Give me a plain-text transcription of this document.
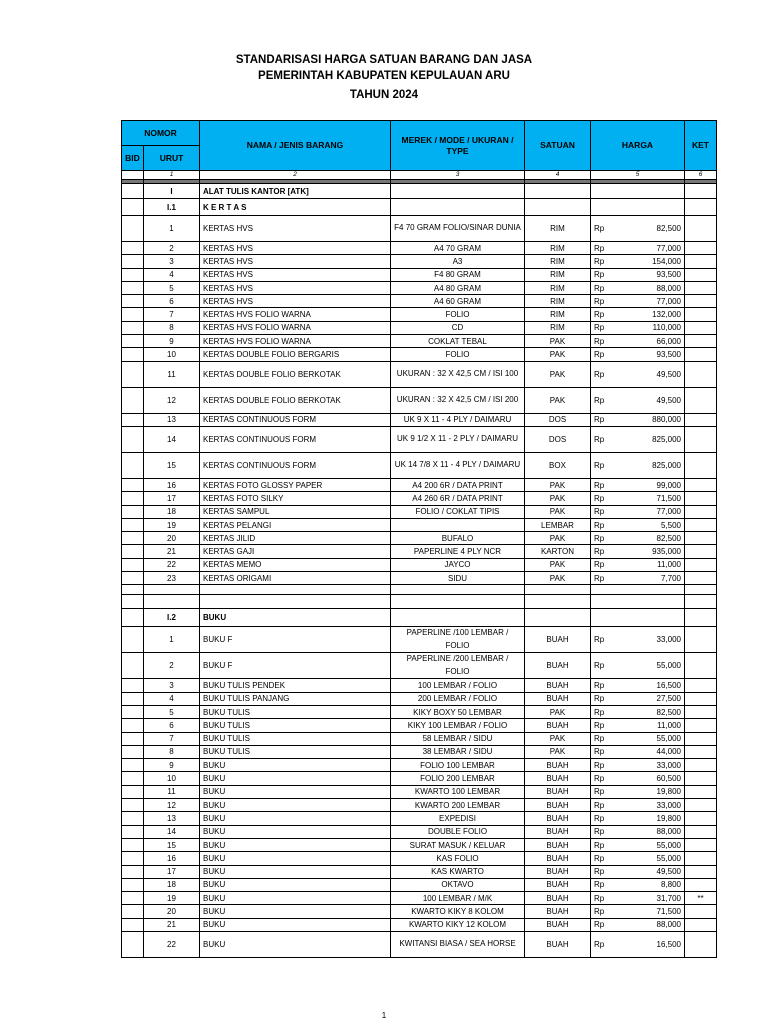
STANDARISASI HARGA SATUAN BARANG DAN JASA
PEMERINTAH KABUPATEN KEPULAUAN ARU
TAHUN 2024
NOMOR		NAMA / JENIS BARANG	MEREK / MODE / UKURAN / TYPE	SATUAN	HARGA	KET
BID	URUT					
	1	2	3	4	5	6

	I	ALAT TULIS KANTOR [ATK]				
	I.1	K E R T A S				
	1	KERTAS HVS	F4 70 GRAM FOLIO/SINAR DUNIA	RIM	Rp 82,500	

	2	KERTAS HVS	A4 70 GRAM	RIM	Rp 77,000	

	3	KERTAS HVS	A3	RIM	Rp 154,000	

	4	KERTAS HVS	F4 80 GRAM	RIM	Rp 93,500	

	5	KERTAS HVS	A4 80 GRAM	RIM	Rp 88,000	

	6	KERTAS HVS	A4 60 GRAM	RIM	Rp 77,000	

	7	KERTAS HVS FOLIO WARNA	FOLIO	RIM	Rp 132,000	

	8	KERTAS HVS FOLIO WARNA	CD	RIM	Rp 110,000	

	9	KERTAS HVS FOLIO WARNA	COKLAT TEBAL	PAK	Rp 66,000	

	10	KERTAS DOUBLE FOLIO BERGARIS	FOLIO	PAK	Rp 93,500	

	11	KERTAS DOUBLE FOLIO BERKOTAK	UKURAN : 32 X 42,5 CM / ISI 100	PAK	Rp 49,500	

	12	KERTAS DOUBLE FOLIO BERKOTAK	UKURAN : 32 X 42,5 CM / ISI 200	PAK	Rp 49,500	

	13	KERTAS CONTINUOUS FORM	UK 9 X 11 - 4 PLY / DAIMARU	DOS	Rp 880,000	

	14	KERTAS CONTINUOUS FORM	UK 9 1/2 X 11 - 2 PLY / DAIMARU	DOS	Rp 825,000	

	15	KERTAS CONTINUOUS FORM	UK 14 7/8 X 11 - 4 PLY / DAIMARU	BOX	Rp 825,000	

	16	KERTAS FOTO GLOSSY PAPER	A4 200 6R / DATA PRINT	PAK	Rp 99,000	

	17	KERTAS FOTO SILKY	A4 260 6R / DATA PRINT	PAK	Rp 71,500	

	18	KERTAS SAMPUL	FOLIO / COKLAT TIPIS	PAK	Rp 77,000	

	19	KERTAS PELANGI		LEMBAR	Rp 5,500	

	20	KERTAS JILID	BUFALO	PAK	Rp 82,500	

	21	KERTAS GAJI	PAPERLINE 4 PLY NCR	KARTON	Rp 935,000	

	22	KERTAS MEMO	JAYCO	PAK	Rp 11,000	

	23	KERTAS ORIGAMI	SIDU	PAK	Rp 7,700	

	I.2	BUKU				
	1	BUKU F	PAPERLINE /100 LEMBAR / FOLIO	BUAH	Rp 33,000	

	2	BUKU F	PAPERLINE /200 LEMBAR / FOLIO	BUAH	Rp 55,000	

	3	BUKU TULIS PENDEK	100 LEMBAR / FOLIO	BUAH	Rp 16,500	

	4	BUKU TULIS PANJANG	200 LEMBAR / FOLIO	BUAH	Rp 27,500	

	5	BUKU TULIS	KIKY BOXY 50 LEMBAR	PAK	Rp 82,500	

	6	BUKU TULIS	KIKY 100 LEMBAR / FOLIO	BUAH	Rp 11,000	

	7	BUKU TULIS	58 LEMBAR / SIDU	PAK	Rp 55,000	

	8	BUKU TULIS	38 LEMBAR / SIDU	PAK	Rp 44,000	

	9	BUKU	FOLIO 100 LEMBAR	BUAH	Rp 33,000	

	10	BUKU	FOLIO 200 LEMBAR	BUAH	Rp 60,500	

	11	BUKU	KWARTO 100 LEMBAR	BUAH	Rp 19,800	

	12	BUKU	KWARTO 200 LEMBAR	BUAH	Rp 33,000	

	13	BUKU	EXPEDISI	BUAH	Rp 19,800	

	14	BUKU	DOUBLE FOLIO	BUAH	Rp 88,000	

	15	BUKU	SURAT MASUK / KELUAR	BUAH	Rp 55,000	

	16	BUKU	KAS FOLIO	BUAH	Rp 55,000	

	17	BUKU	KAS KWARTO	BUAH	Rp 49,500	

	18	BUKU	OKTAVO	BUAH	Rp 8,800	

	19	BUKU	100 LEMBAR / M/K	BUAH	Rp 31,700	**
	20	BUKU	KWARTO KIKY 8 KOLOM	BUAH	Rp 71,500	

	21	BUKU	KWARTO KIKY 12 KOLOM	BUAH	Rp 88,000	

	22	BUKU	KWITANSI BIASA / SEA HORSE	BUAH	Rp 16,500	

1
